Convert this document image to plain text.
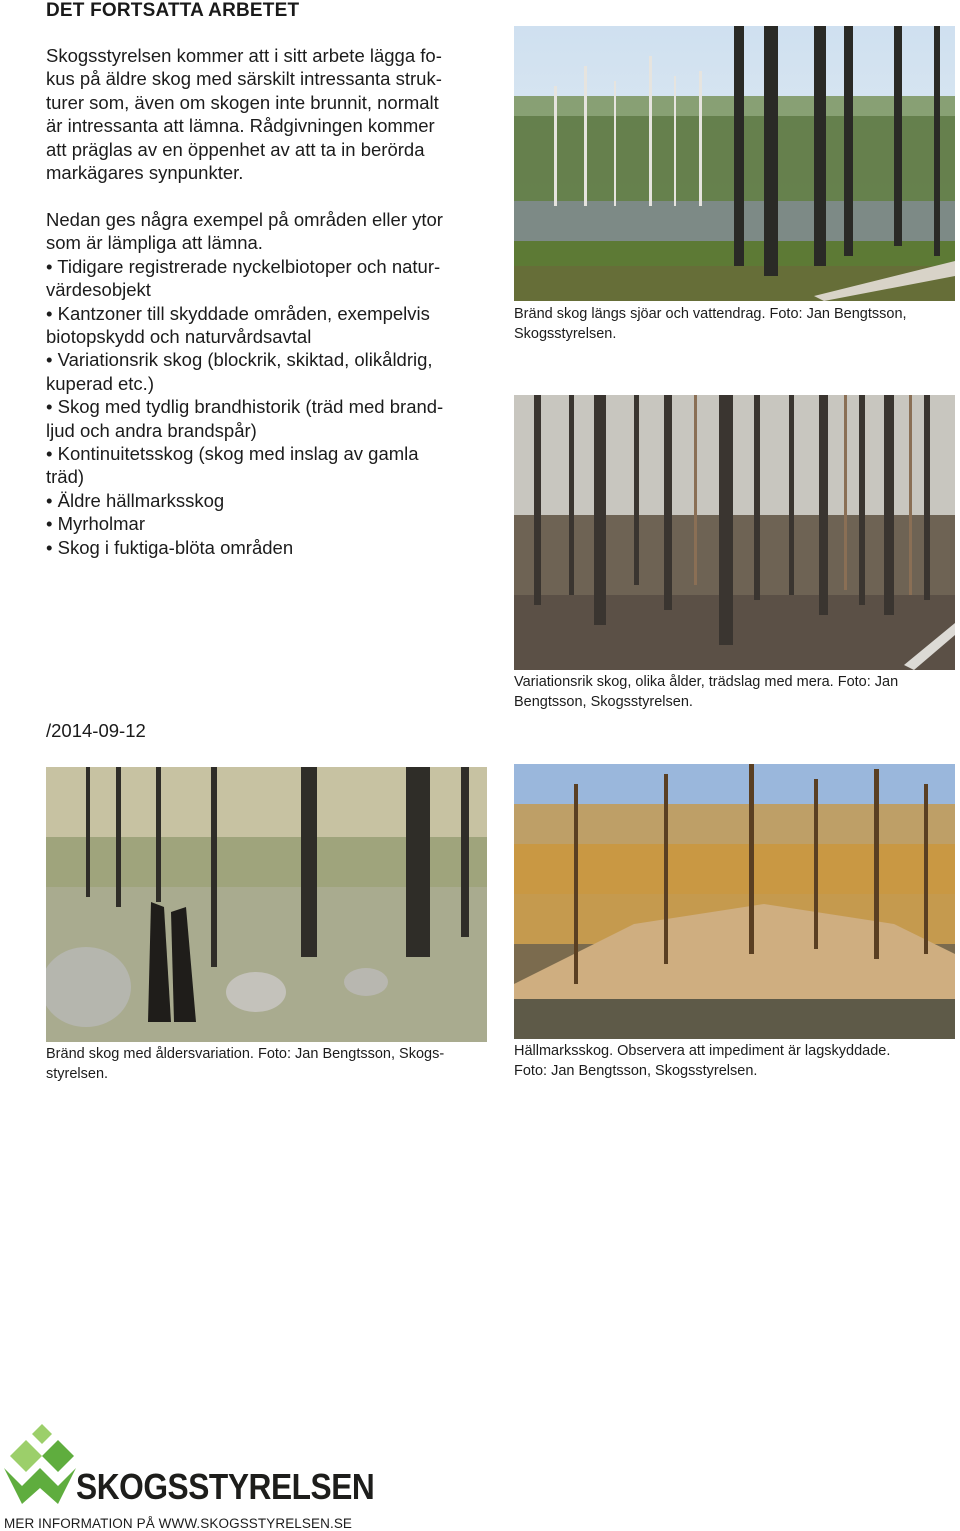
DET FORTSATTA ARBETET

Skogsstyrelsen kommer att i sitt arbete lägga fo-

kus på äldre skog med särskilt intressanta struk-

turer som, även om skogen inte brunnit, normalt

är intressanta att lämna. Rådgivningen kommer

att präglas av en öppenhet av att ta in berörda

markägares synpunkter.

Nedan ges några exempel på områden eller ytor

som är lämpliga att lämna.

• Tidigare registrerade nyckelbiotoper och natur-

värdesobjekt

• Kantzoner till skyddade områden, exempelvis

biotopskydd och naturvårdsavtal

• Variationsrik skog (blockrik, skiktad, olikåldrig,

kuperad etc.)

• Skog med tydlig brandhistorik (träd med brand-

ljud och andra brandspår)

• Kontinuitetsskog (skog med inslag av gamla

träd)

• Äldre hällmarksskog

• Myrholmar

• Skog i fuktiga-blöta områden

/2014-09-12
Bränd skog längs sjöar och vattendrag. Foto: Jan Bengtsson,
Skogsstyrelsen.
Variationsrik skog, olika ålder, trädslag med mera. Foto: Jan
Bengtsson, Skogsstyrelsen.
Bränd skog med åldersvariation. Foto: Jan Bengtsson, Skogs-
styrelsen.
Hällmarksskog. Observera att impediment är lagskyddade.
Foto: Jan Bengtsson, Skogsstyrelsen.
SKOGSSTYRELSEN
MER INFORMATION PÅ WWW.SKOGSSTYRELSEN.SE
